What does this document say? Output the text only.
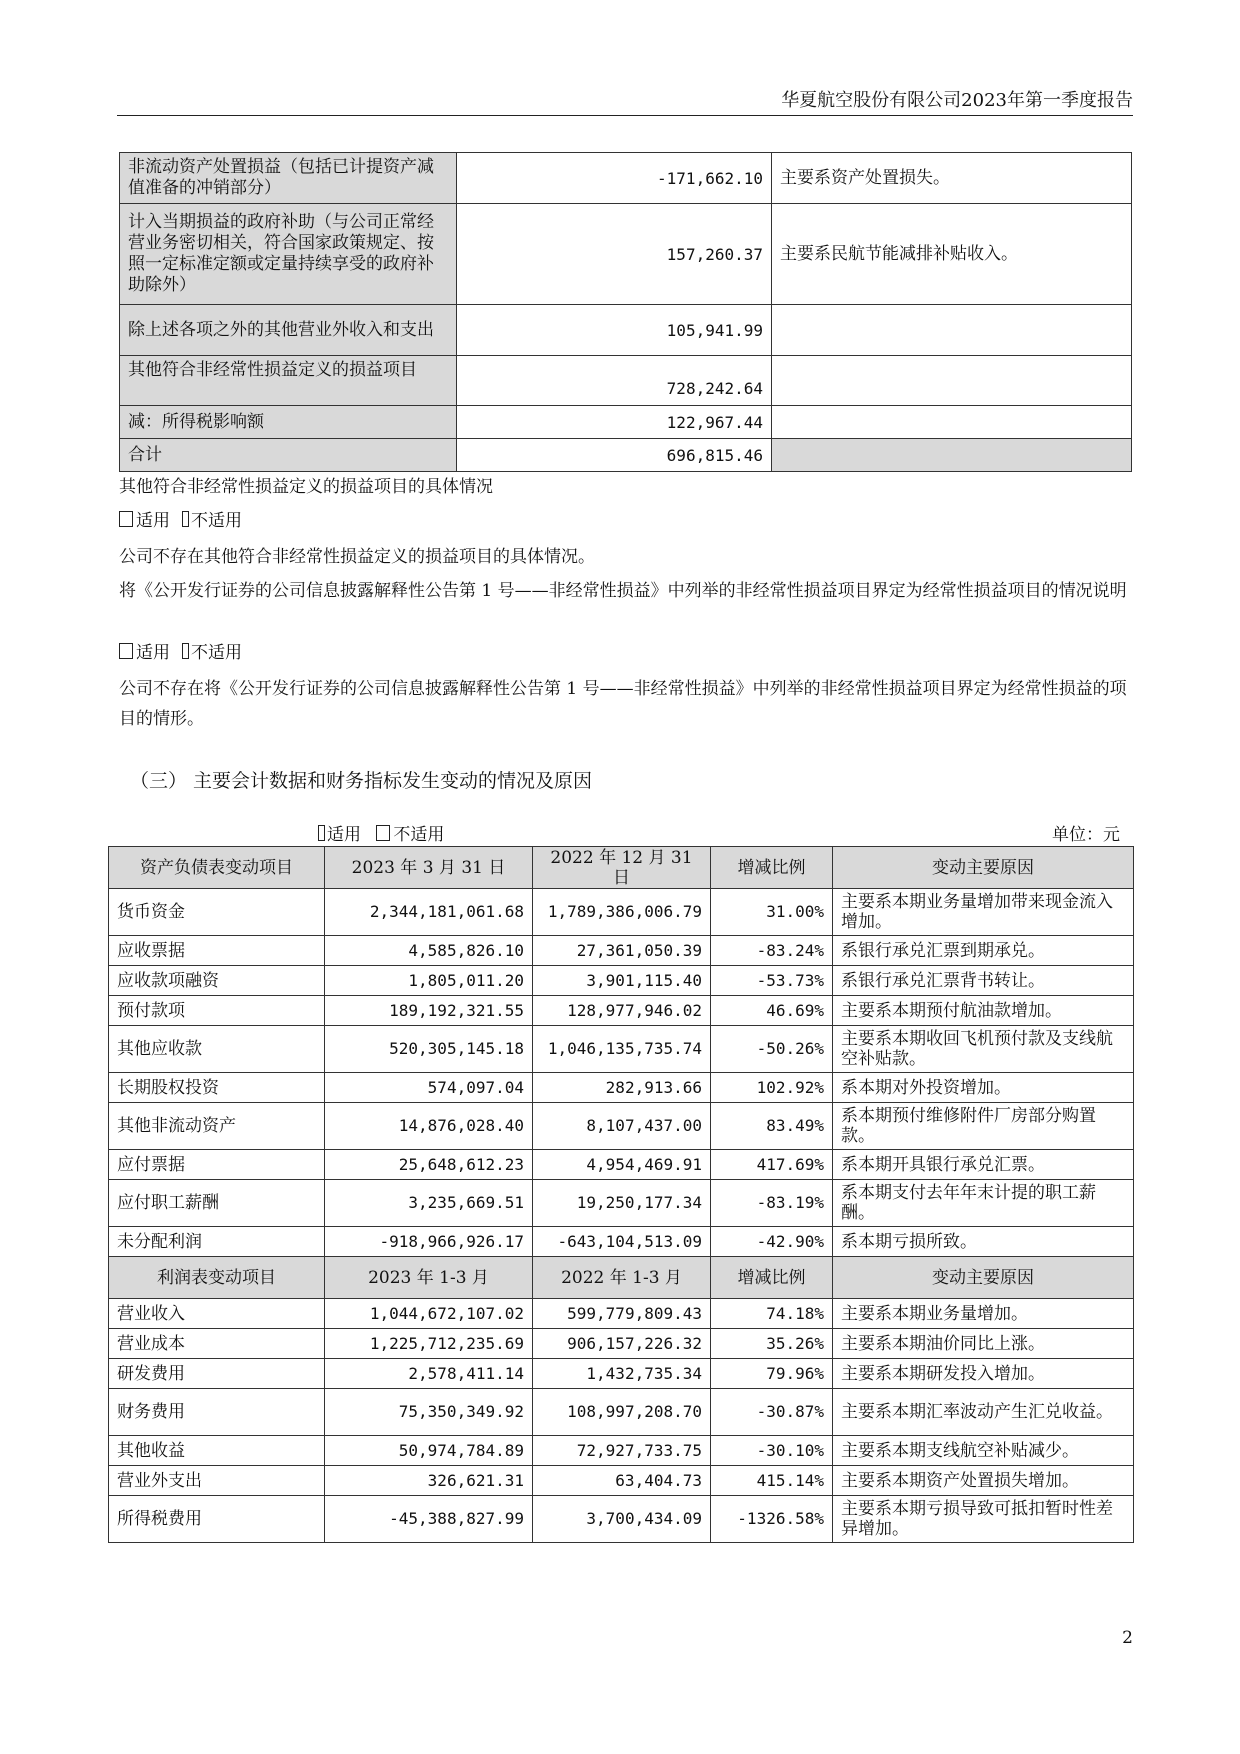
华夏航空股份有限公司2023年第一季度报告
非流动资产处置损益（包括已计提资产减值准备的冲销部分）	-171,662.10	主要系资产处置损失。
计入当期损益的政府补助（与公司正常经营业务密切相关，符合国家政策规定、按照一定标准定额或定量持续享受的政府补助除外）	157,260.37	主要系民航节能减排补贴收入。
除上述各项之外的其他营业外收入和支出	105,941.99	
其他符合非经常性损益定义的损益项目	728,242.64	
减：所得税影响额	122,967.44	
合计	696,815.46	
其他符合非经常性损益定义的损益项目的具体情况
适用 不适用
公司不存在其他符合非经常性损益定义的损益项目的具体情况。
将《公开发行证券的公司信息披露解释性公告第 1 号——非经常性损益》中列举的非经常性损益项目界定为经常性损益项目的情况说明
适用 不适用
公司不存在将《公开发行证券的公司信息披露解释性公告第 1 号——非经常性损益》中列举的非经常性损益项目界定为经常性损益的项目的情形。
（三） 主要会计数据和财务指标发生变动的情况及原因
适用 不适用	单位：元
资产负债表变动项目	2023 年 3 月 31 日	2022 年 12 月 31 日	增减比例	变动主要原因
货币资金	2,344,181,061.68	1,789,386,006.79	31.00%	主要系本期业务量增加带来现金流入增加。
应收票据	4,585,826.10	27,361,050.39	-83.24%	系银行承兑汇票到期承兑。
应收款项融资	1,805,011.20	3,901,115.40	-53.73%	系银行承兑汇票背书转让。
预付款项	189,192,321.55	128,977,946.02	46.69%	主要系本期预付航油款增加。
其他应收款	520,305,145.18	1,046,135,735.74	-50.26%	主要系本期收回飞机预付款及支线航空补贴款。
长期股权投资	574,097.04	282,913.66	102.92%	系本期对外投资增加。
其他非流动资产	14,876,028.40	8,107,437.00	83.49%	系本期预付维修附件厂房部分购置款。
应付票据	25,648,612.23	4,954,469.91	417.69%	系本期开具银行承兑汇票。
应付职工薪酬	3,235,669.51	19,250,177.34	-83.19%	系本期支付去年年末计提的职工薪酬。
未分配利润	-918,966,926.17	-643,104,513.09	-42.90%	系本期亏损所致。
利润表变动项目	2023 年 1-3 月	2022 年 1-3 月	增减比例	变动主要原因
营业收入	1,044,672,107.02	599,779,809.43	74.18%	主要系本期业务量增加。
营业成本	1,225,712,235.69	906,157,226.32	35.26%	主要系本期油价同比上涨。
研发费用	2,578,411.14	1,432,735.34	79.96%	主要系本期研发投入增加。
财务费用	75,350,349.92	108,997,208.70	-30.87%	主要系本期汇率波动产生汇兑收益。
其他收益	50,974,784.89	72,927,733.75	-30.10%	主要系本期支线航空补贴减少。
营业外支出	326,621.31	63,404.73	415.14%	主要系本期资产处置损失增加。
所得税费用	-45,388,827.99	3,700,434.09	-1326.58%	主要系本期亏损导致可抵扣暂时性差异增加。
2
